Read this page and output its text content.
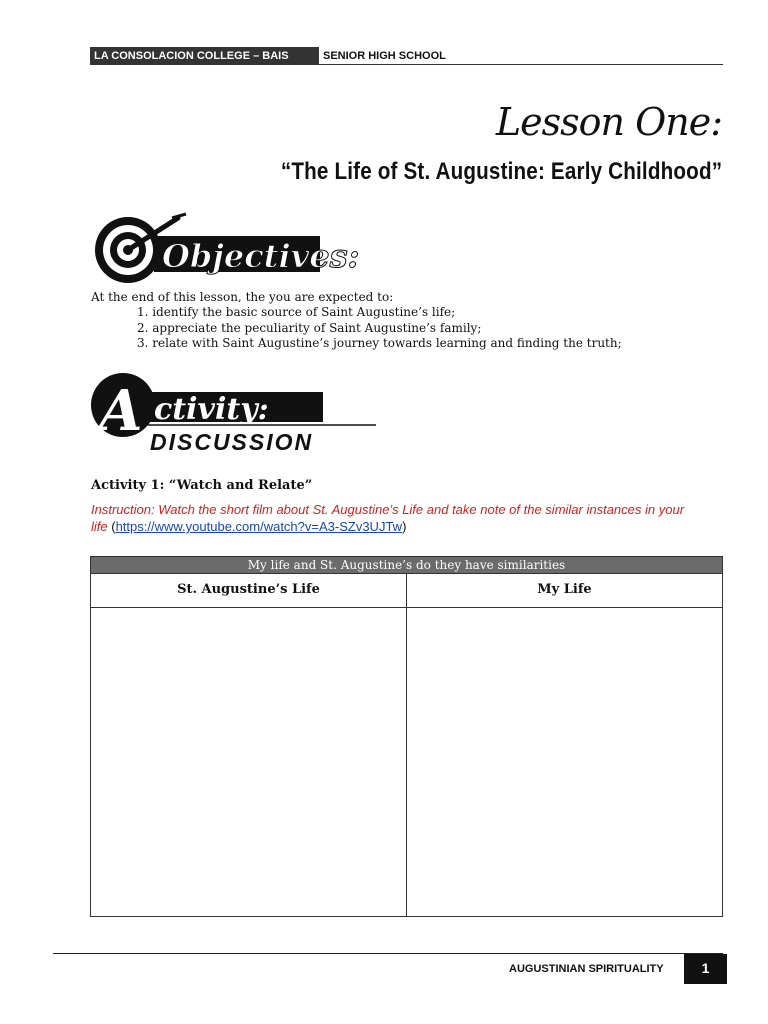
LA CONSOLACION COLLEGE – BAIS	SENIOR HIGH SCHOOL
Lesson One:
“The Life of St. Augustine: Early Childhood”
Objectives:
At the end of this lesson, the you are expected to:
1. identify the basic source of Saint Augustine’s life;
2. appreciate the peculiarity of Saint Augustine’s family;
3. relate with Saint Augustine’s journey towards learning and finding the truth;
A ctivity:
DISCUSSION
Activity 1: “Watch and Relate”
Instruction: Watch the short film about St. Augustine’s Life and take note of the similar instances in your life (https://www.youtube.com/watch?v=A3-SZv3UJTw)
My life and St. Augustine’s do they have similarities
St. Augustine’s Life	My Life
AUGUSTINIAN SPIRITUALITY	1
